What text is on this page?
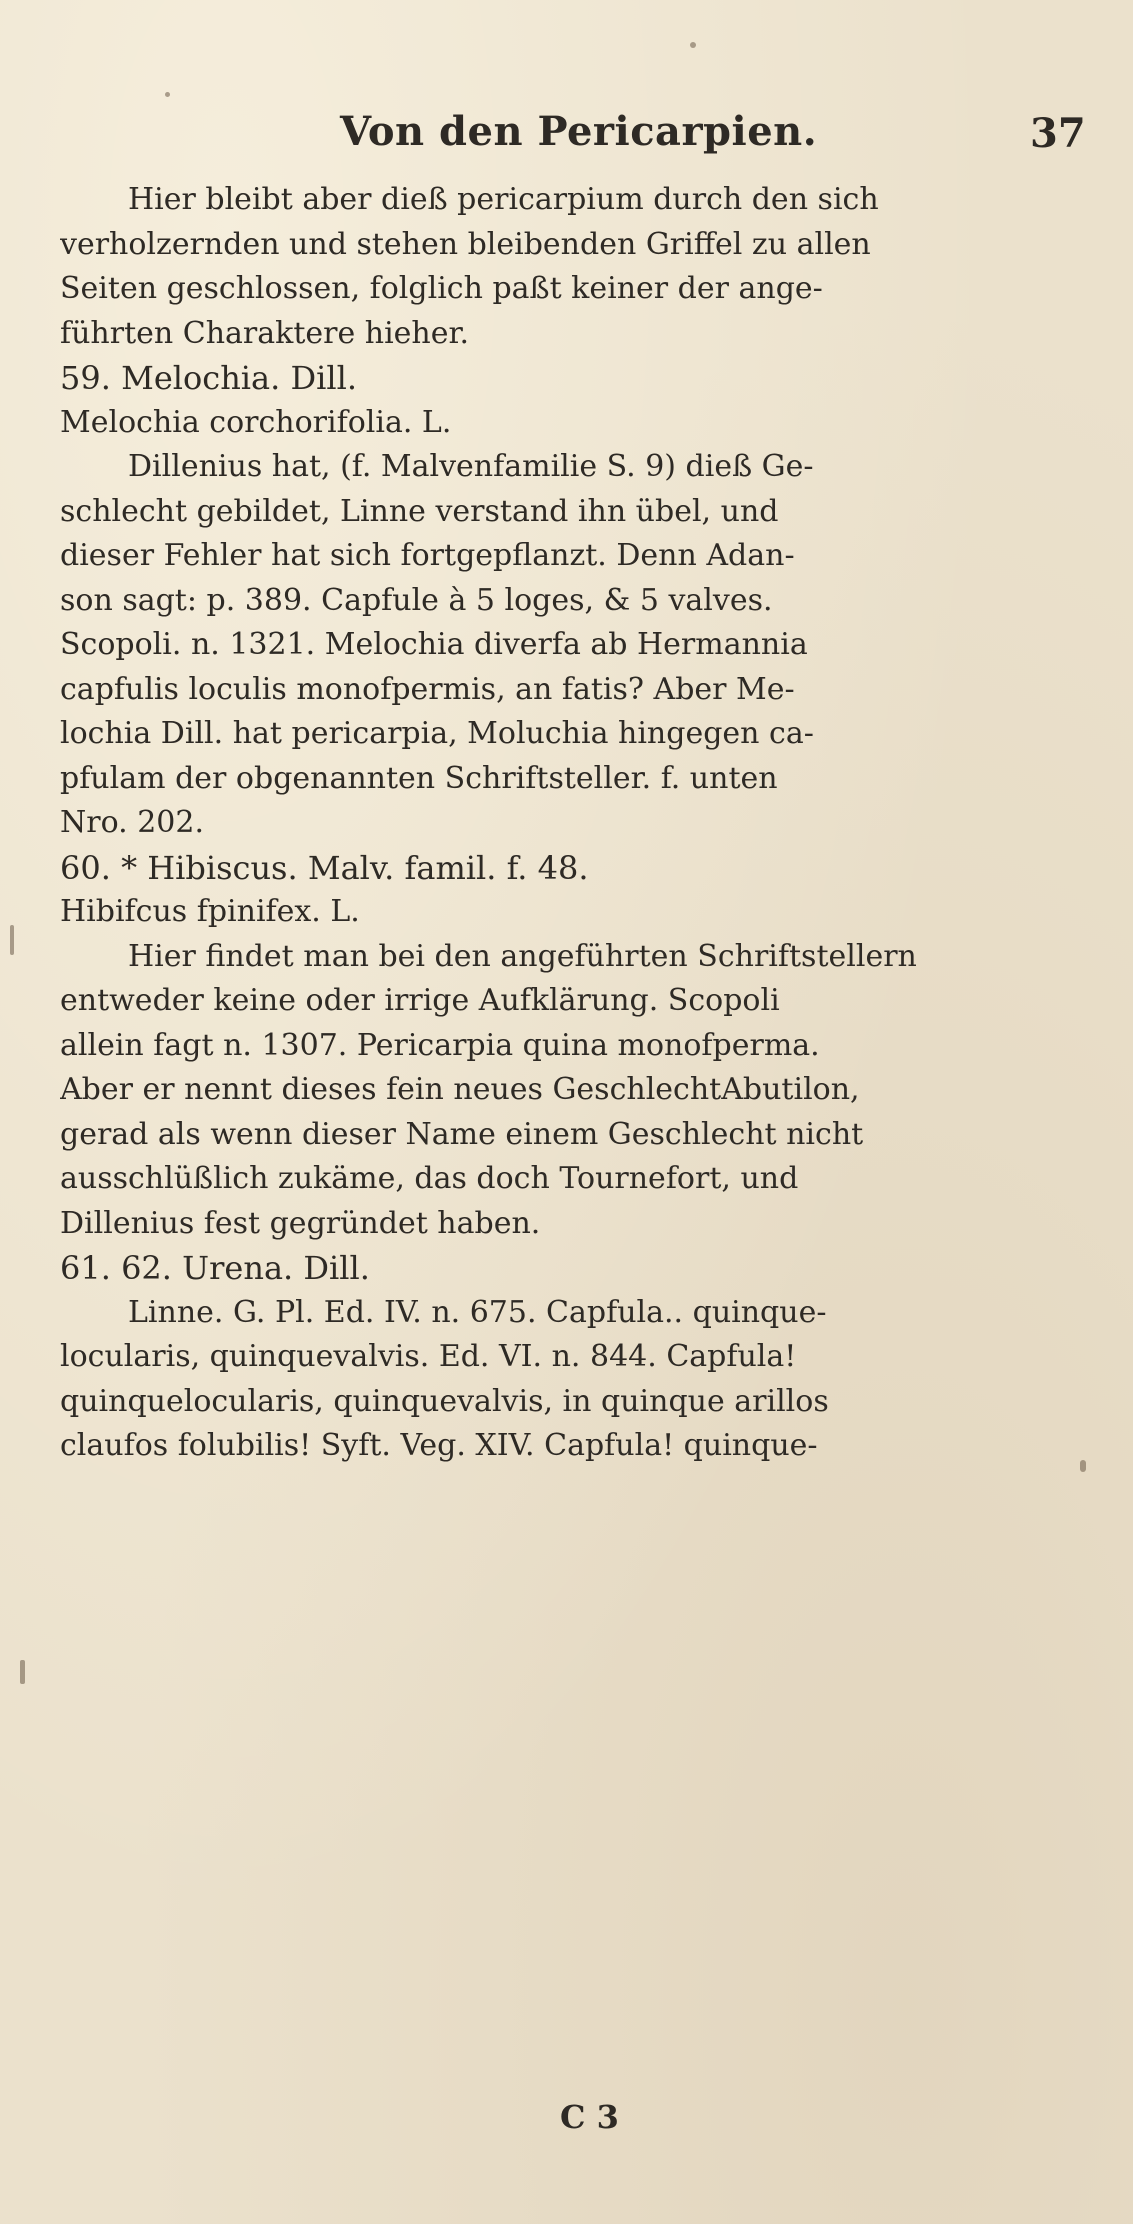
Von den Pericarpien.	37
Hier bleibt aber dieß pericarpium durch den sich
verholzernden und stehen bleibenden Griffel zu allen
Seiten geschlossen, folglich paßt keiner der ange-
führten Charaktere hieher.
59. Melochia. Dill.
Melochia corchorifolia. L.
Dillenius hat, (f. Malvenfamilie S. 9) dieß Ge-
schlecht gebildet, Linne verstand ihn übel, und
dieser Fehler hat sich fortgepflanzt. Denn Adan-
son sagt: p. 389. Capfule à 5 loges, & 5 valves.
Scopoli. n. 1321. Melochia diverfa ab Hermannia
capfulis loculis monofpermis, an fatis? Aber Me-
lochia Dill. hat pericarpia, Moluchia hingegen ca-
pfulam der obgenannten Schriftsteller. f. unten
Nro. 202.
60. * Hibiscus. Malv. famil. f. 48.
Hibifcus fpinifex. L.
Hier findet man bei den angeführten Schriftstellern
entweder keine oder irrige Aufklärung. Scopoli
allein fagt n. 1307. Pericarpia quina monofperma.
Aber er nennt dieses fein neues GeschlechtAbutilon,
gerad als wenn dieser Name einem Geschlecht nicht
ausschlüßlich zukäme, das doch Tournefort, und
Dillenius fest gegründet haben.
61. 62. Urena. Dill.
Linne. G. Pl. Ed. IV. n. 675. Capfula.. quinque-
locularis, quinquevalvis. Ed. VI. n. 844. Capfula!
quinquelocularis, quinquevalvis, in quinque arillos
claufos folubilis! Syft. Veg. XIV. Capfula! quinque-
C 3
